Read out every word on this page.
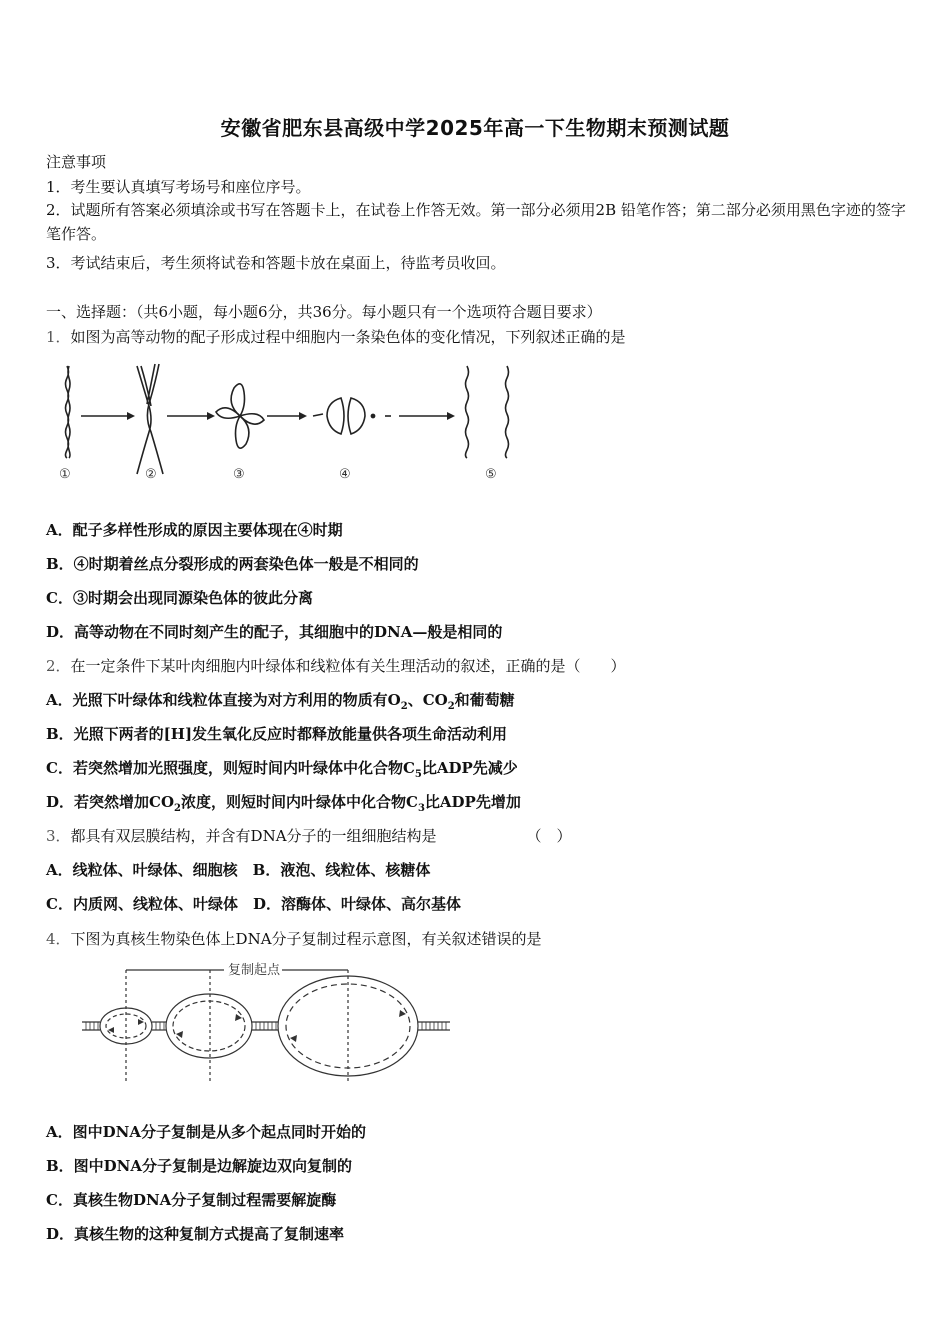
安徽省肥东县高级中学2025年高一下生物期末预测试题
注意事项
1．考生要认真填写考场号和座位序号。
2．试题所有答案必须填涂或书写在答题卡上，在试卷上作答无效。第一部分必须用2B 铅笔作答；第二部分必须用黑色字迹的签字笔作答。
3．考试结束后，考生须将试卷和答题卡放在桌面上，待监考员收回。
一、选择题：（共6小题，每小题6分，共36分。每小题只有一个选项符合题目要求）
1．如图为高等动物的配子形成过程中细胞内一条染色体的变化情况，下列叙述正确的是
①	②	③	④	⑤
A．配子多样性形成的原因主要体现在④时期
B．④时期着丝点分裂形成的两套染色体一般是不相同的
C．③时期会出现同源染色体的彼此分离
D．高等动物在不同时刻产生的配子，其细胞中的DNA—般是相同的
2．在一定条件下某叶肉细胞内叶绿体和线粒体有关生理活动的叙述，正确的是（　　）
A．光照下叶绿体和线粒体直接为对方利用的物质有$O_2$、$CO_2$和葡萄糖
B．光照下两者的[H]发生氧化反应时都释放能量供各项生命活动利用
C．若突然增加光照强度，则短时间内叶绿体中化合物$C_5$比ADP先减少
D．若突然增加$CO_2$浓度，则短时间内叶绿体中化合物$C_3$比ADP先增加
3．都具有双层膜结构，并含有DNA分子的一组细胞结构是	（　）
A．线粒体、叶绿体、细胞核　B．液泡、线粒体、核糖体
C．内质网、线粒体、叶绿体　D．溶酶体、叶绿体、高尔基体
4．下图为真核生物染色体上DNA分子复制过程示意图，有关叙述错误的是
复制起点
A．图中DNA分子复制是从多个起点同时开始的
B．图中DNA分子复制是边解旋边双向复制的
C．真核生物DNA分子复制过程需要解旋酶
D．真核生物的这种复制方式提高了复制速率
